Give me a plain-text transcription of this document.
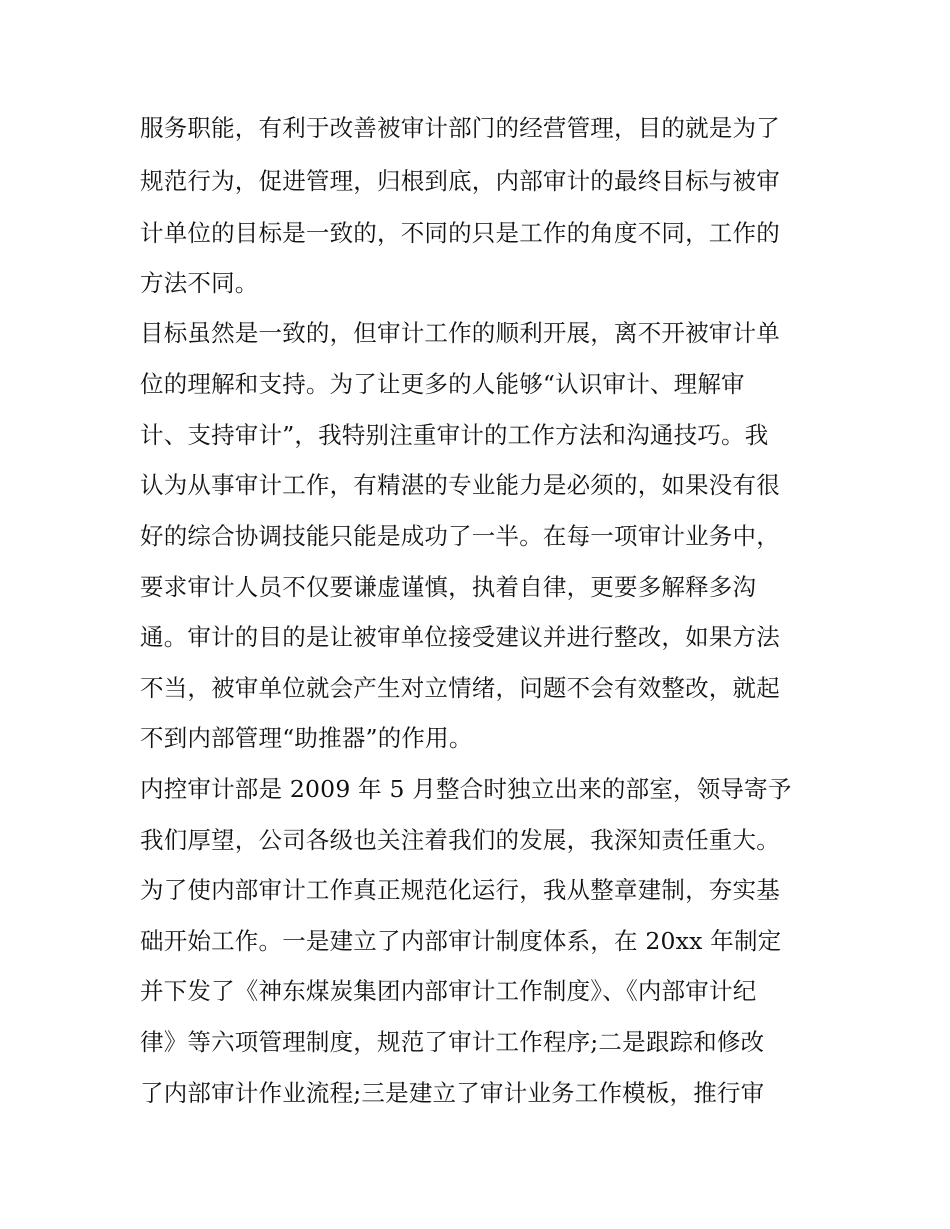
服务职能，有利于改善被审计部门的经营管理，目的就是为了
规范行为，促进管理，归根到底，内部审计的最终目标与被审
计单位的目标是一致的，不同的只是工作的角度不同，工作的
方法不同。
目标虽然是一致的，但审计工作的顺利开展，离不开被审计单
位的理解和支持。为了让更多的人能够“认识审计、理解审
计、支持审计”，我特别注重审计的工作方法和沟通技巧。我
认为从事审计工作，有精湛的专业能力是必须的，如果没有很
好的综合协调技能只能是成功了一半。在每一项审计业务中，
要求审计人员不仅要谦虚谨慎，执着自律，更要多解释多沟
通。审计的目的是让被审单位接受建议并进行整改，如果方法
不当，被审单位就会产生对立情绪，问题不会有效整改，就起
不到内部管理“助推器”的作用。
内控审计部是 2009 年 5 月整合时独立出来的部室，领导寄予
我们厚望，公司各级也关注着我们的发展，我深知责任重大。
为了使内部审计工作真正规范化运行，我从整章建制，夯实基
础开始工作。一是建立了内部审计制度体系，在 20xx 年制定
并下发了《神东煤炭集团内部审计工作制度》、《内部审计纪
律》等六项管理制度，规范了审计工作程序;二是跟踪和修改
了内部审计作业流程;三是建立了审计业务工作模板，推行审
